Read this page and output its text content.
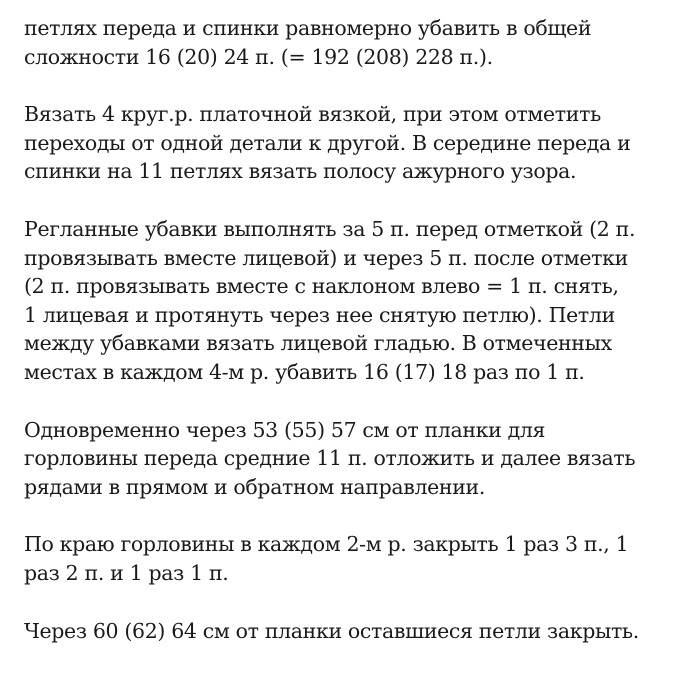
петлях переда и спинки равномерно убавить в общей
сложности 16 (20) 24 п. (= 192 (208) 228 п.).

Вязать 4 круг.р. платочной вязкой, при этом отметить
переходы от одной детали к другой. В середине переда и
спинки на 11 петлях вязать полосу ажурного узора.

Регланные убавки выполнять за 5 п. перед отметкой (2 п.
провязывать вместе лицевой) и через 5 п. после отметки
(2 п. провязывать вместе с наклоном влево = 1 п. снять,
1 лицевая и протянуть через нее снятую петлю). Петли
между убавками вязать лицевой гладью. В отмеченных
местах в каждом 4-м р. убавить 16 (17) 18 раз по 1 п.

Одновременно через 53 (55) 57 см от планки для
горловины переда средние 11 п. отложить и далее вязать
рядами в прямом и обратном направлении.

По краю горловины в каждом 2-м р. закрыть 1 раз 3 п., 1
раз 2 п. и 1 раз 1 п.

Через 60 (62) 64 см от планки оставшиеся петли закрыть.
